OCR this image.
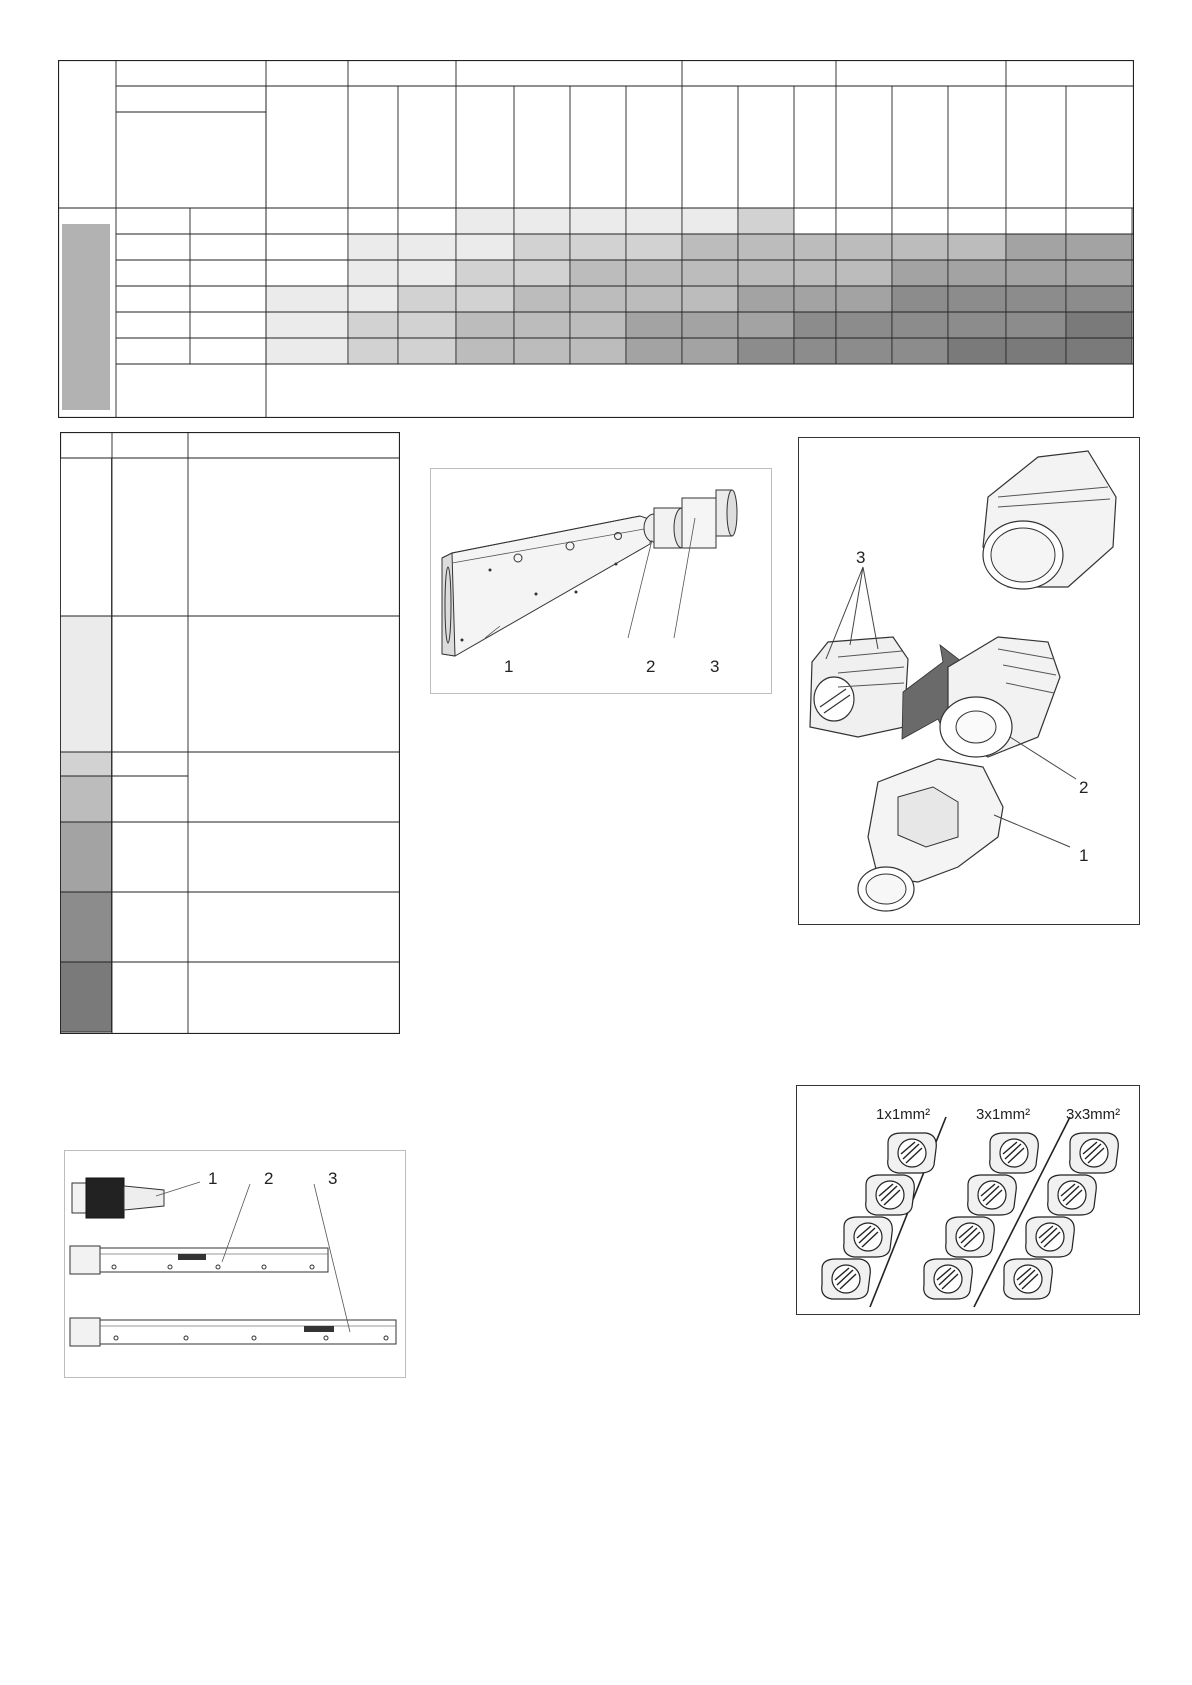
1	2	3
3
2
1
1	2	3
1x1mm²	3x1mm² 3x3mm²
